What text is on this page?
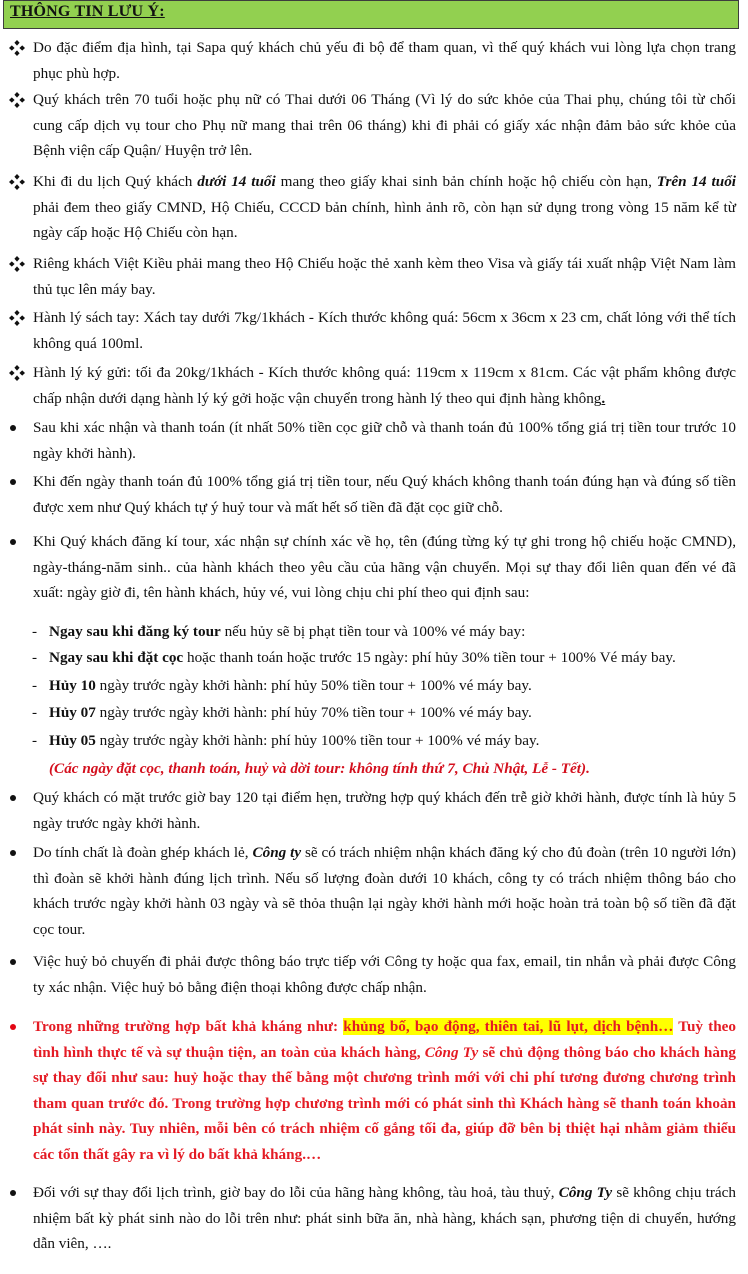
THÔNG TIN LƯU Ý:
Do đặc điểm địa hình, tại Sapa quý khách chủ yếu đi bộ để tham quan, vì thế quý khách vui lòng lựa chọn trang phục phù hợp.
Quý khách trên 70 tuổi hoặc phụ nữ có Thai dưới 06 Tháng (Vì lý do sức khỏe của Thai phụ, chúng tôi từ chối cung cấp dịch vụ tour cho Phụ nữ mang thai trên 06 tháng) khi đi phải có giấy xác nhận đảm bảo sức khỏe của Bệnh viện cấp Quận/ Huyện trở lên.
Khi đi du lịch Quý khách dưới 14 tuổi mang theo giấy khai sinh bản chính hoặc hộ chiếu còn hạn, Trên 14 tuổi phải đem theo giấy CMND, Hộ Chiếu, CCCD bản chính, hình ảnh rõ, còn hạn sử dụng trong vòng 15 năm kể từ ngày cấp hoặc Hộ Chiếu còn hạn.
Riêng khách Việt Kiều phải mang theo Hộ Chiếu hoặc thẻ xanh kèm theo Visa và giấy tái xuất nhập Việt Nam làm thủ tục lên máy bay.
Hành lý sách tay: Xách tay dưới 7kg/1khách - Kích thước không quá: 56cm x 36cm x 23 cm, chất lỏng với thể tích không quá 100ml.
Hành lý ký gửi: tối đa 20kg/1khách - Kích thước không quá: 119cm x 119cm x 81cm. Các vật phẩm không được chấp nhận dưới dạng hành lý ký gởi hoặc vận chuyển trong hành lý theo qui định hàng không.
Sau khi xác nhận và thanh toán (ít nhất 50% tiền cọc giữ chỗ và thanh toán đủ 100% tổng giá trị tiền tour trước 10 ngày khởi hành).
Khi đến ngày thanh toán đủ 100% tổng giá trị tiền tour, nếu Quý khách không thanh toán đúng hạn và đúng số tiền được xem như Quý khách tự ý huỷ tour và mất hết số tiền đã đặt cọc giữ chỗ.
Khi Quý khách đăng kí tour, xác nhận sự chính xác về họ, tên (đúng từng ký tự ghi trong hộ chiếu hoặc CMND), ngày-tháng-năm sinh.. của hành khách theo yêu cầu của hãng vận chuyển. Mọi sự thay đổi liên quan đến vé đã xuất: ngày giờ đi, tên hành khách, hủy vé, vui lòng chịu chi phí theo qui định sau:
- Ngay sau khi đăng ký tour nếu hủy sẽ bị phạt tiền tour và 100% vé máy bay:
- Ngay sau khi đặt cọc hoặc thanh toán hoặc trước 15 ngày: phí hủy 30% tiền tour + 100% Vé máy bay.
- Hủy 10 ngày trước ngày khởi hành: phí hủy 50% tiền tour + 100% vé máy bay.
- Hủy 07 ngày trước ngày khởi hành: phí hủy 70% tiền tour + 100% vé máy bay.
- Hủy 05 ngày trước ngày khởi hành: phí hủy 100% tiền tour + 100% vé máy bay.
(Các ngày đặt cọc, thanh toán, huỷ và dời tour: không tính thứ 7, Chủ Nhật, Lễ - Tết).
Quý khách có mặt trước giờ bay 120 tại điểm hẹn, trường hợp quý khách đến trễ giờ khởi hành, được tính là hủy 5 ngày trước ngày khởi hành.
Do tính chất là đoàn ghép khách lẻ, Công ty sẽ có trách nhiệm nhận khách đăng ký cho đủ đoàn (trên 10 người lớn) thì đoàn sẽ khởi hành đúng lịch trình. Nếu số lượng đoàn dưới 10 khách, công ty có trách nhiệm thông báo cho khách trước ngày khởi hành 03 ngày và sẽ thỏa thuận lại ngày khởi hành mới hoặc hoàn trả toàn bộ số tiền đã đặt cọc tour.
Việc huỷ bỏ chuyến đi phải được thông báo trực tiếp với Công ty hoặc qua fax, email, tin nhắn và phải được Công ty xác nhận. Việc huỷ bỏ bằng điện thoại không được chấp nhận.
Trong những trường hợp bất khả kháng như: khủng bố, bạo động, thiên tai, lũ lụt, dịch bệnh… Tuỳ theo tình hình thực tế và sự thuận tiện, an toàn của khách hàng, Công Ty sẽ chủ động thông báo cho khách hàng sự thay đổi như sau: huỷ hoặc thay thế bằng một chương trình mới với chi phí tương đương chương trình tham quan trước đó. Trong trường hợp chương trình mới có phát sinh thì Khách hàng sẽ thanh toán khoản phát sinh này. Tuy nhiên, mỗi bên có trách nhiệm cố gắng tối đa, giúp đỡ bên bị thiệt hại nhằm giảm thiểu các tổn thất gây ra vì lý do bất khả kháng.…
Đối với sự thay đổi lịch trình, giờ bay do lỗi của hãng hàng không, tàu hoả, tàu thuỷ, Công Ty sẽ không chịu trách nhiệm bất kỳ phát sinh nào do lỗi trên như: phát sinh bữa ăn, nhà hàng, khách sạn, phương tiện di chuyển, hướng dẫn viên, ….
